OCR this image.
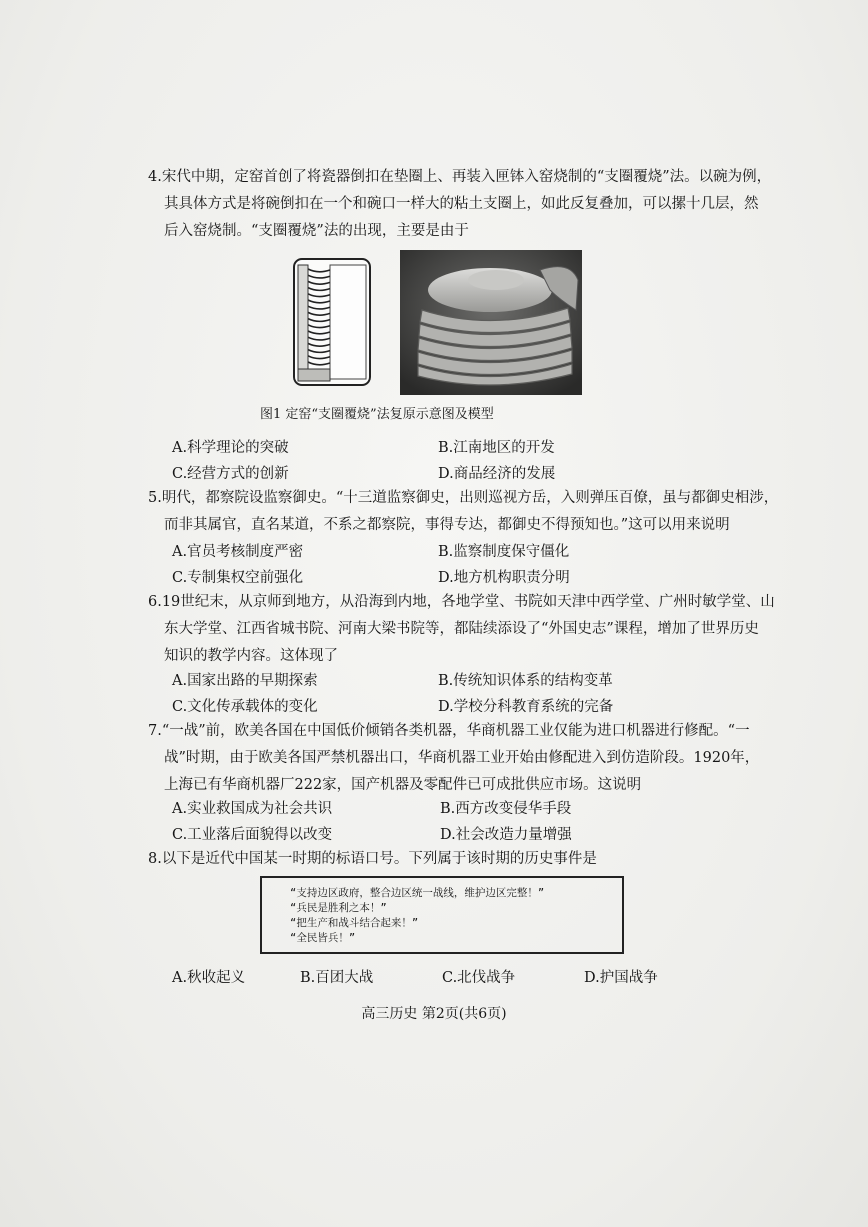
4.宋代中期，定窑首创了将瓷器倒扣在垫圈上、再装入匣钵入窑烧制的“支圈覆烧”法。以碗为例，
其具体方式是将碗倒扣在一个和碗口一样大的粘土支圈上，如此反复叠加，可以摞十几层，然
后入窑烧制。“支圈覆烧”法的出现，主要是由于
图1 定窑“支圈覆烧”法复原示意图及模型
A.科学理论的突破	B.江南地区的开发
C.经营方式的创新	D.商品经济的发展
5.明代，都察院设监察御史。“十三道监察御史，出则巡视方岳，入则弹压百僚，虽与都御史相涉，
而非其属官，直名某道，不系之都察院，事得专达，都御史不得预知也。”这可以用来说明
A.官员考核制度严密	B.监察制度保守僵化
C.专制集权空前强化	D.地方机构职责分明
6.19世纪末，从京师到地方，从沿海到内地，各地学堂、书院如天津中西学堂、广州时敏学堂、山
东大学堂、江西省城书院、河南大梁书院等，都陆续添设了“外国史志”课程，增加了世界历史
知识的教学内容。这体现了
A.国家出路的早期探索	B.传统知识体系的结构变革
C.文化传承载体的变化	D.学校分科教育系统的完备
7.“一战”前，欧美各国在中国低价倾销各类机器，华商机器工业仅能为进口机器进行修配。“一
战”时期，由于欧美各国严禁机器出口，华商机器工业开始由修配进入到仿造阶段。1920年，
上海已有华商机器厂222家，国产机器及零配件已可成批供应市场。这说明
A.实业救国成为社会共识	B.西方改变侵华手段
C.工业落后面貌得以改变	D.社会改造力量增强
8.以下是近代中国某一时期的标语口号。下列属于该时期的历史事件是
“支持边区政府，整合边区统一战线，维护边区完整！”
“兵民是胜利之本！”
“把生产和战斗结合起来！”
“全民皆兵！”
A.秋收起义	B.百团大战	C.北伐战争	D.护国战争
高三历史 第2页(共6页)
